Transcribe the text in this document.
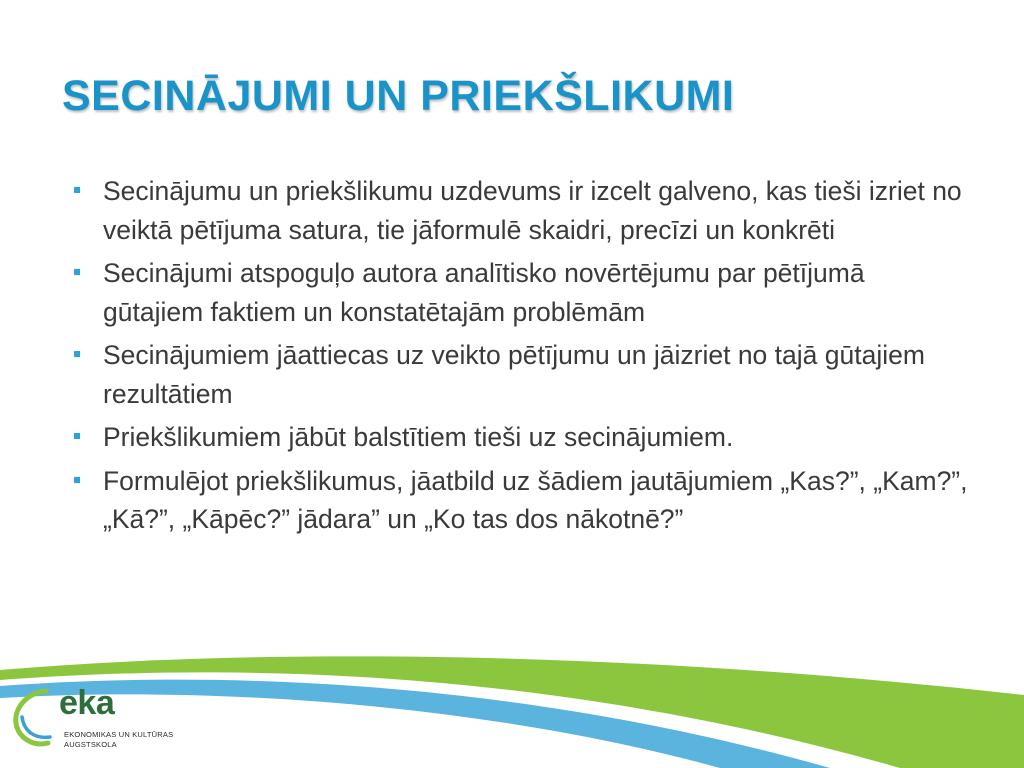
SECINĀJUMI UN PRIEKŠLIKUMI
Secinājumu un priekšlikumu uzdevums ir izcelt galveno, kas tieši izriet no veiktā pētījuma satura, tie jāformulē skaidri, precīzi un konkrēti
Secinājumi atspoguļo autora analītisko novērtējumu par pētījumā gūtajiem faktiem un konstatētajām problēmām
Secinājumiem jāattiecas uz veikto pētījumu un jāizriet no tajā gūtajiem rezultātiem
Priekšlikumiem jābūt balstītiem tieši uz secinājumiem.
Formulējot priekšlikumus, jāatbild uz šādiem jautājumiem „Kas?”, „Kam?”, „Kā?”, „Kāpēc?” jādara” un „Ko tas dos nākotnē?”
eka
EKONOMIKAS UN KULTŪRAS
AUGSTSKOLA
